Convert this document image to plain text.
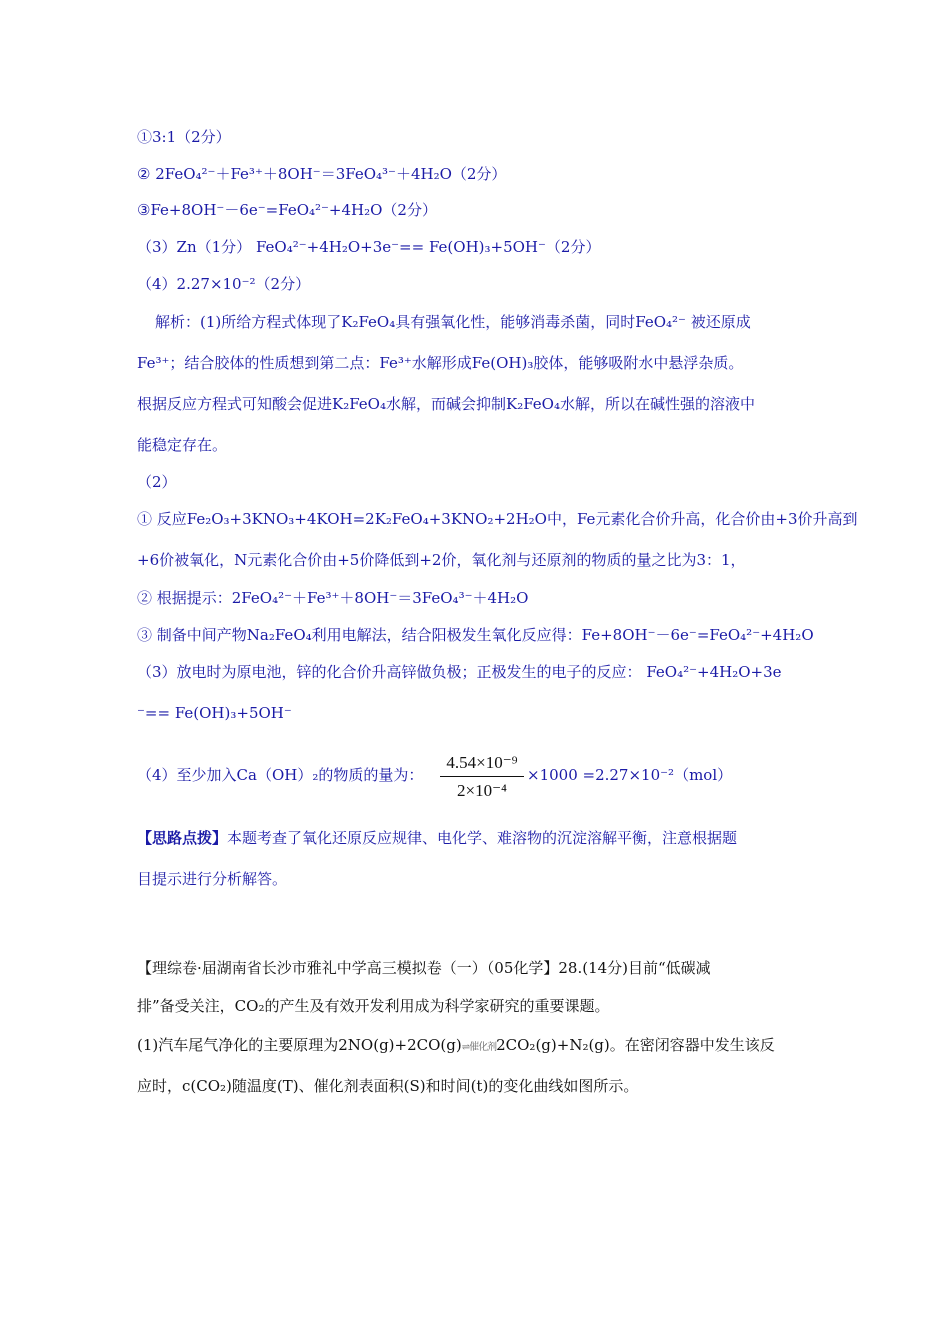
①3:1（2分）
② 2FeO₄²⁻＋Fe³⁺＋8OH⁻＝3FeO₄³⁻＋4H₂O（2分）
③Fe+8OH⁻－6e⁻=FeO₄²⁻+4H₂O（2分）
（3）Zn（1分） FeO₄²⁻+4H₂O+3e⁻== Fe(OH)₃+5OH⁻（2分）
（4）2.27×10⁻²（2分）
解析：(1)所给方程式体现了K₂FeO₄具有强氧化性，能够消毒杀菌，同时FeO₄²⁻ 被还原成
Fe³⁺；结合胶体的性质想到第二点：Fe³⁺水解形成Fe(OH)₃胶体，能够吸附水中悬浮杂质。
根据反应方程式可知酸会促进K₂FeO₄水解，而碱会抑制K₂FeO₄水解，所以在碱性强的溶液中
能稳定存在。
（2）
① 反应Fe₂O₃+3KNO₃+4KOH=2K₂FeO₄+3KNO₂+2H₂O中，Fe元素化合价升高，化合价由+3价升高到
+6价被氧化，N元素化合价由+5价降低到+2价，氧化剂与还原剂的物质的量之比为3：1，
② 根据提示：2FeO₄²⁻＋Fe³⁺＋8OH⁻＝3FeO₄³⁻＋4H₂O
③ 制备中间产物Na₂FeO₄利用电解法，结合阳极发生氧化反应得：Fe+8OH⁻－6e⁻=FeO₄²⁻+4H₂O
（3）放电时为原电池，锌的化合价升高锌做负极；正极发生的电子的反应： FeO₄²⁻+4H₂O+3e
⁻== Fe(OH)₃+5OH⁻
（4）至少加入Ca（OH）₂的物质的量为：
4.54×10⁻⁹
2×10⁻⁴
×1000 =2.27×10⁻²（mol）
【思路点拨】本题考查了氧化还原反应规律、电化学、难溶物的沉淀溶解平衡，注意根据题
目提示进行分析解答。
【理综卷·届湖南省长沙市雅礼中学高三模拟卷（一）（05化学】28.(14分)目前“低碳减
排”备受关注，CO₂的产生及有效开发利用成为科学家研究的重要课题。
(1)汽车尾气净化的主要原理为2NO(g)+2CO(g)⇌催化剂2CO₂(g)+N₂(g)。在密闭容器中发生该反
应时，c(CO₂)随温度(T)、催化剂表面积(S)和时间(t)的变化曲线如图所示。
